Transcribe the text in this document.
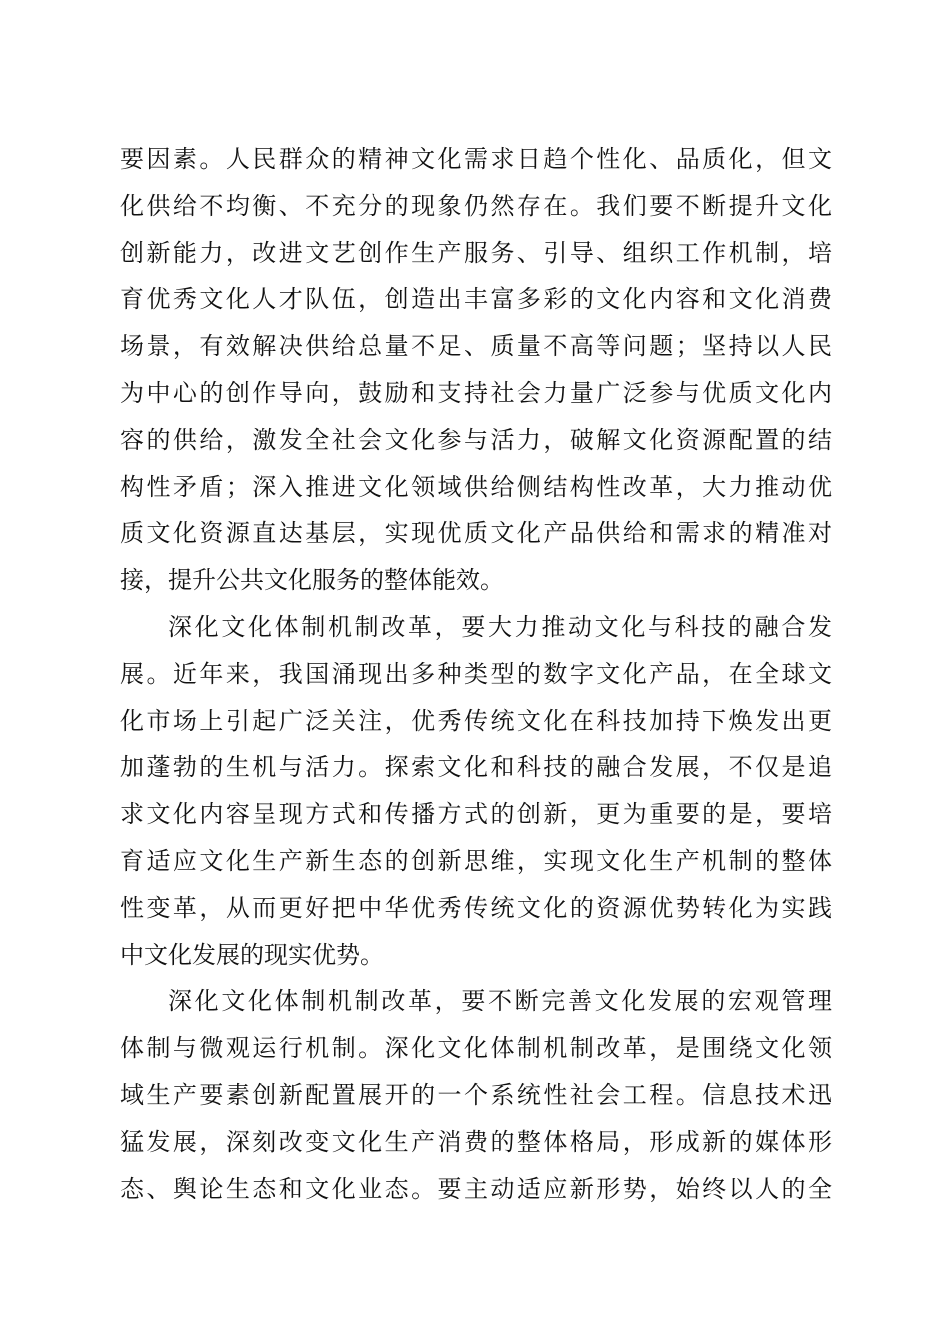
要因素。人民群众的精神文化需求日趋个性化、品质化，但文
化供给不均衡、不充分的现象仍然存在。我们要不断提升文化
创新能力，改进文艺创作生产服务、引导、组织工作机制，培
育优秀文化人才队伍，创造出丰富多彩的文化内容和文化消费
场景，有效解决供给总量不足、质量不高等问题；坚持以人民
为中心的创作导向，鼓励和支持社会力量广泛参与优质文化内
容的供给，激发全社会文化参与活力，破解文化资源配置的结
构性矛盾；深入推进文化领域供给侧结构性改革，大力推动优
质文化资源直达基层，实现优质文化产品供给和需求的精准对
接，提升公共文化服务的整体能效。
深化文化体制机制改革，要大力推动文化与科技的融合发
展。近年来，我国涌现出多种类型的数字文化产品，在全球文
化市场上引起广泛关注，优秀传统文化在科技加持下焕发出更
加蓬勃的生机与活力。探索文化和科技的融合发展，不仅是追
求文化内容呈现方式和传播方式的创新，更为重要的是，要培
育适应文化生产新生态的创新思维，实现文化生产机制的整体
性变革，从而更好把中华优秀传统文化的资源优势转化为实践
中文化发展的现实优势。
深化文化体制机制改革，要不断完善文化发展的宏观管理
体制与微观运行机制。深化文化体制机制改革，是围绕文化领
域生产要素创新配置展开的一个系统性社会工程。信息技术迅
猛发展，深刻改变文化生产消费的整体格局，形成新的媒体形
态、舆论生态和文化业态。要主动适应新形势，始终以人的全
